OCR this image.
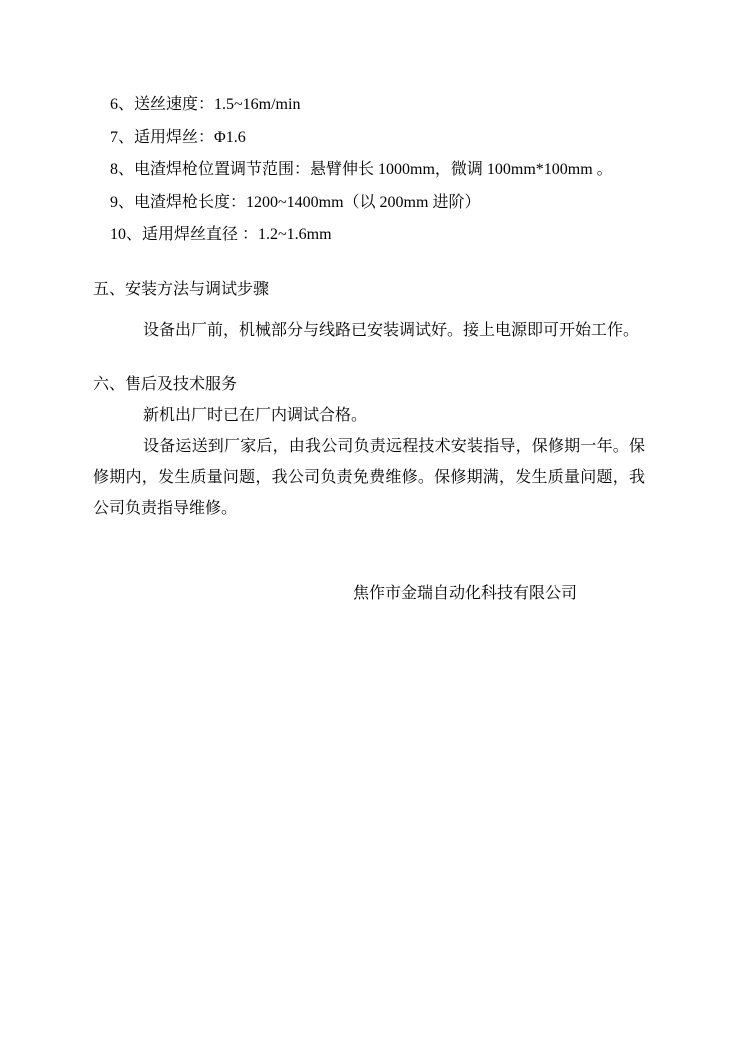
6、送丝速度：1.5~16m/min
7、适用焊丝：Φ1.6
8、电渣焊枪位置调节范围：悬臂伸长 1000mm，微调 100mm*100mm 。
9、电渣焊枪长度：1200~1400mm（以 200mm 进阶）
10、适用焊丝直径 ：1.2~1.6mm
五、安装方法与调试步骤
设备出厂前，机械部分与线路已安装调试好。接上电源即可开始工作。
六、售后及技术服务
新机出厂时已在厂内调试合格。
设备运送到厂家后，由我公司负责远程技术安装指导，保修期一年。保修期内，发生质量问题，我公司负责免费维修。保修期满，发生质量问题，我公司负责指导维修。
焦作市金瑞自动化科技有限公司
